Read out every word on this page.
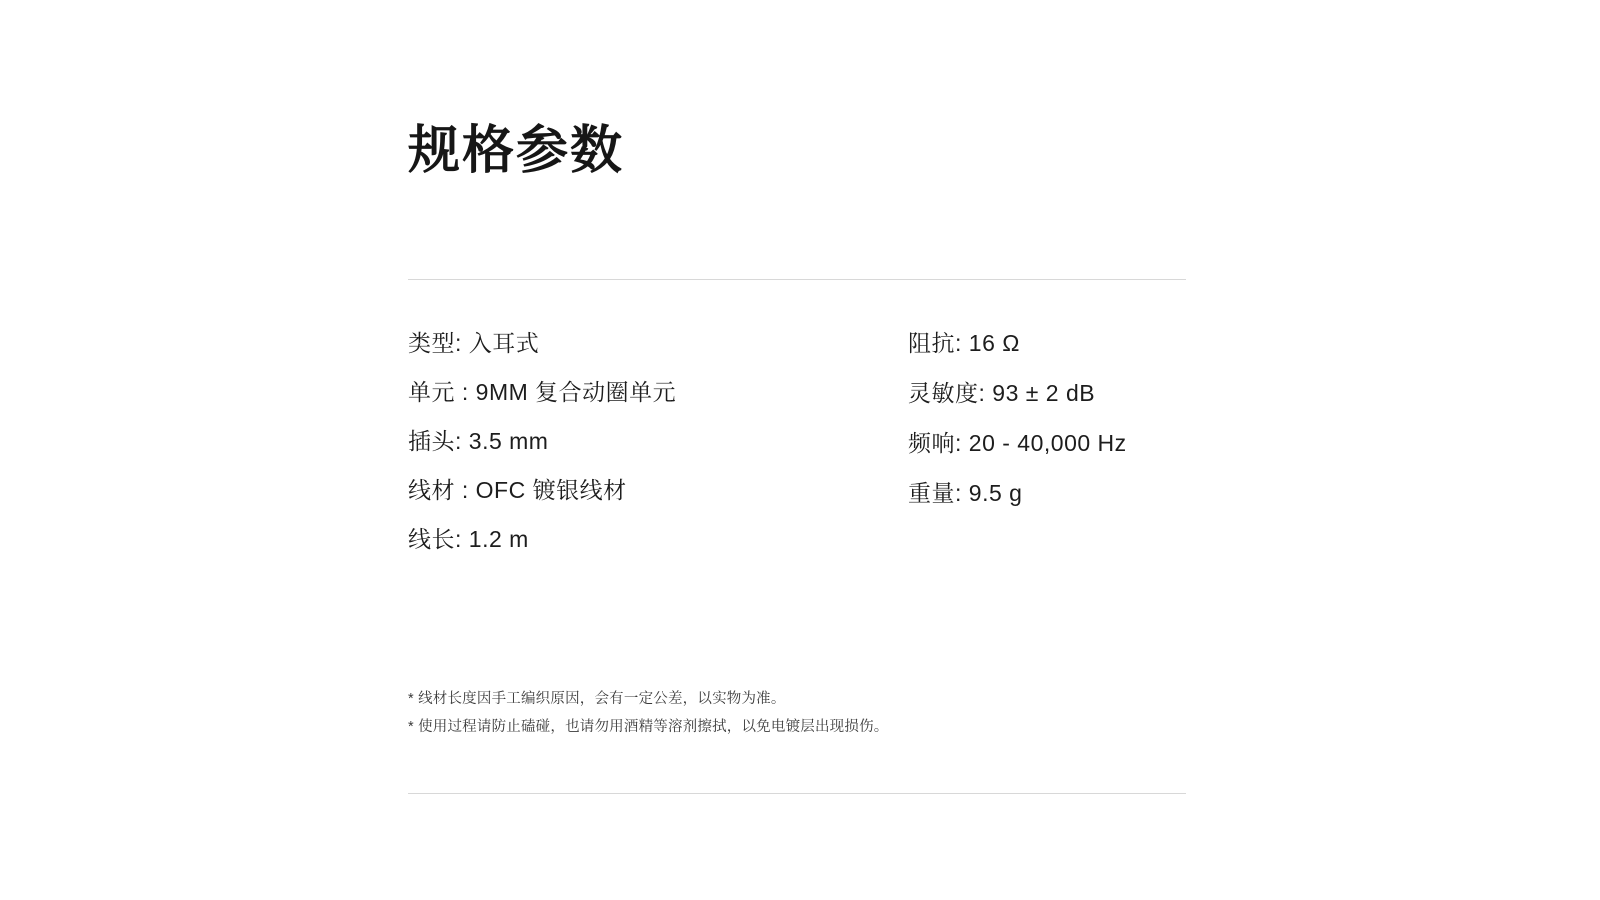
规格参数
类型: 入耳式
单元 : 9MM 复合动圈单元
插头: 3.5 mm
线材 : OFC 镀银线材
线长: 1.2 m
阻抗: 16 Ω
灵敏度: 93 ± 2 dB
频响: 20 - 40,000 Hz
重量: 9.5 g
* 线材长度因手工编织原因，会有一定公差，以实物为准。
* 使用过程请防止磕碰，也请勿用酒精等溶剂擦拭，以免电镀层出现损伤。
